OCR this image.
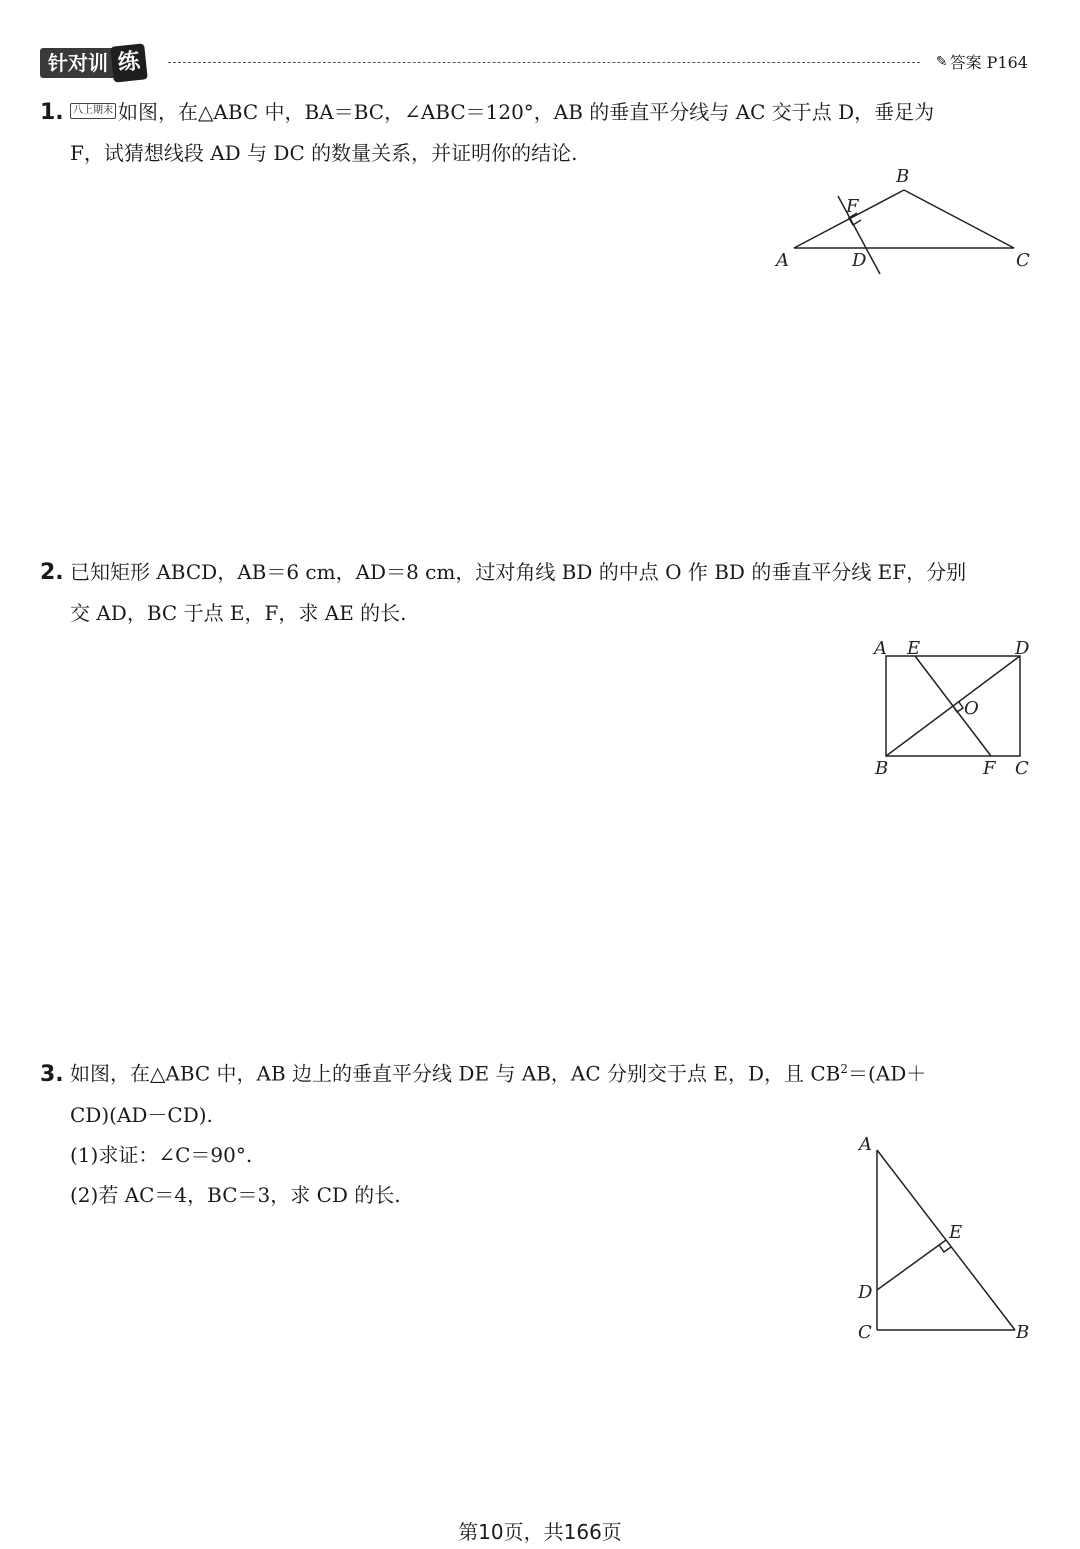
针对训 练	✎ 答案 P164
1. 八上期末 如图，在△ABC 中，BA＝BC，∠ABC＝120°，AB 的垂直平分线与 AC 交于点 D，垂足为
F，试猜想线段 AD 与 DC 的数量关系，并证明你的结论.
A
B
C
D
F
2. 已知矩形 ABCD，AB＝6 cm，AD＝8 cm，过对角线 BD 的中点 O 作 BD 的垂直平分线 EF，分别
交 AD，BC 于点 E，F，求 AE 的长.
A E	D
O
B	F C
3. 如图，在△ABC 中，AB 边上的垂直平分线 DE 与 AB，AC 分别交于点 E，D，且 $CB^2=(AD+$
CD)(AD－CD).
(1)求证：∠C＝90°.
(2)若 AC＝4，BC＝3，求 CD 的长.
A
E
D
C	B
第10页，共166页
